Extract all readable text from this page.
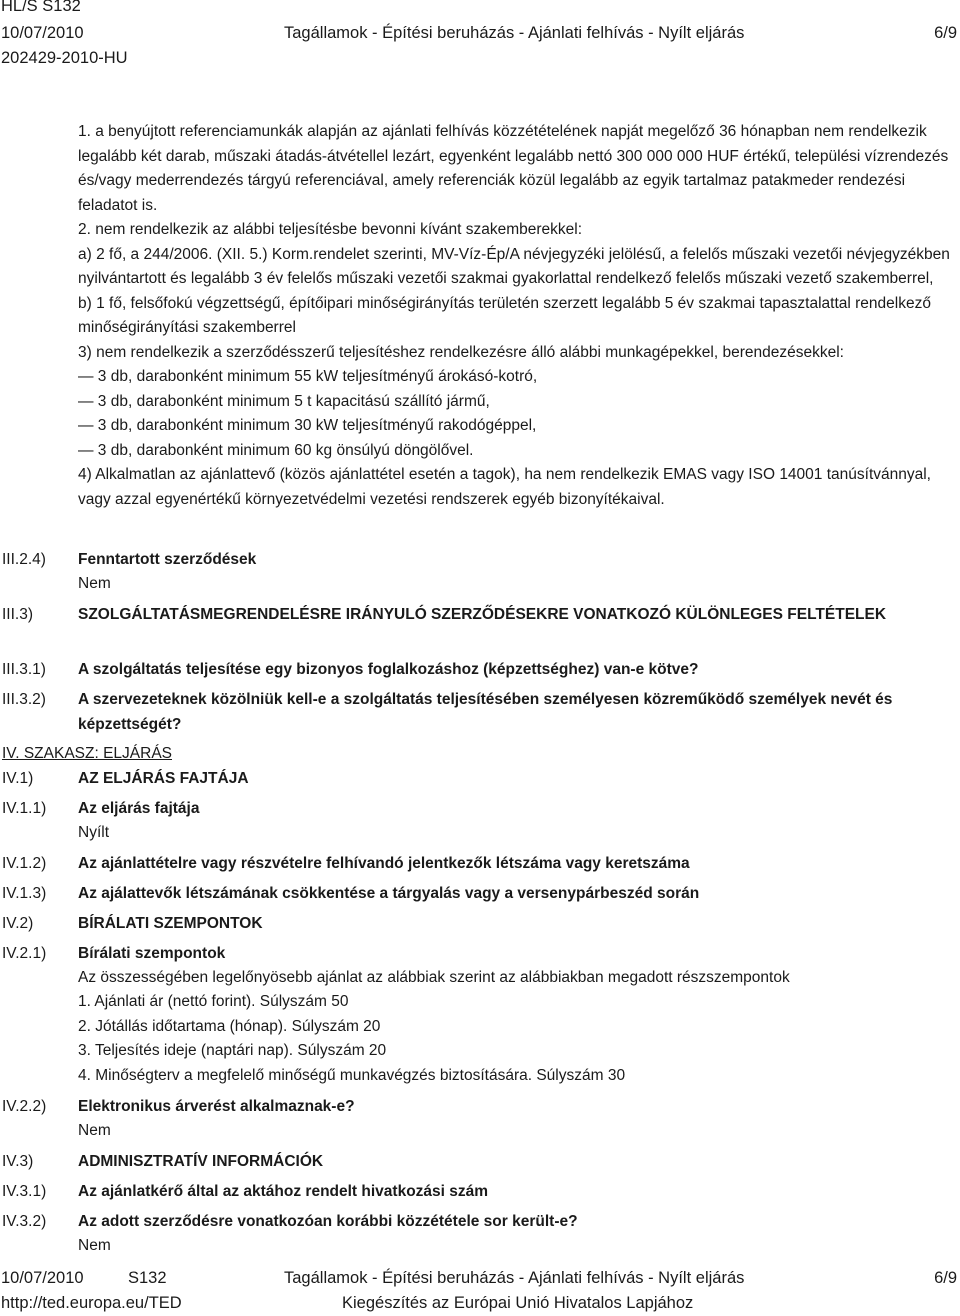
HL/S S132
10/07/2010
202429-2010-HU
Tagállamok - Építési beruházás - Ajánlati felhívás - Nyílt eljárás	6/9

1. a benyújtott referenciamunkák alapján az ajánlati felhívás közzétételének napját megelőző 36 hónapban nem rendelkezik legalább két darab, műszaki átadás-átvétellel lezárt, egyenként legalább nettó 300 000 000 HUF értékű, települési vízrendezés és/vagy mederrendezés tárgyú referenciával, amely referenciák közül legalább az egyik tartalmaz patakmeder rendezési feladatot is.

2. nem rendelkezik az alábbi teljesítésbe bevonni kívánt szakemberekkel:

a) 2 fő, a 244/2006. (XII. 5.) Korm.rendelet szerinti, MV-Víz-Ép/A névjegyzéki jelölésű, a felelős műszaki vezetői névjegyzékben nyilvántartott és legalább 3 év felelős műszaki vezetői szakmai gyakorlattal rendelkező felelős műszaki vezető szakemberrel,

b) 1 fő, felsőfokú végzettségű, építőipari minőségirányítás területén szerzett legalább 5 év szakmai tapasztalattal rendelkező minőségirányítási szakemberrel

3) nem rendelkezik a szerződésszerű teljesítéshez rendelkezésre álló alábbi munkagépekkel, berendezésekkel:

— 3 db, darabonként minimum 55 kW teljesítményű árokásó-kotró,

— 3 db, darabonként minimum 5 t kapacitású szállító jármű,

— 3 db, darabonként minimum 30 kW teljesítményű rakodógéppel,

— 3 db, darabonként minimum 60 kg önsúlyú döngölővel.

4) Alkalmatlan az ajánlattevő (közös ajánlattétel esetén a tagok), ha nem rendelkezik EMAS vagy ISO 14001 tanúsítvánnyal, vagy azzal egyenértékű környezetvédelmi vezetési rendszerek egyéb bizonyítékaival.

III.2.4) Fenntartott szerződések
Nem
III.3)	SZOLGÁLTATÁSMEGRENDELÉSRE IRÁNYULÓ SZERZŐDÉSEKRE VONATKOZÓ KÜLÖNLEGES FELTÉTELEK
III.3.1) A szolgáltatás teljesítése egy bizonyos foglalkozáshoz (képzettséghez) van-e kötve?
III.3.2) A szervezeteknek közölniük kell-e a szolgáltatás teljesítésében személyesen közreműködő személyek nevét és képzettségét?
IV. SZAKASZ: ELJÁRÁS
IV.1)	AZ ELJÁRÁS FAJTÁJA
IV.1.1) Az eljárás fajtája
Nyílt
IV.1.2) Az ajánlattételre vagy részvételre felhívandó jelentkezők létszáma vagy keretszáma
IV.1.3) Az ajálattevők létszámának csökkentése a tárgyalás vagy a versenypárbeszéd során
IV.2)	BÍRÁLATI SZEMPONTOK
IV.2.1) Bírálati szempontok
Az összességében legelőnyösebb ajánlat az alábbiak szerint az alábbiakban megadott részszempontok
1. Ajánlati ár (nettó forint). Súlyszám 50
2. Jótállás időtartama (hónap). Súlyszám 20
3. Teljesítés ideje (naptári nap). Súlyszám 20
4. Minőségterv a megfelelő minőségű munkavégzés biztosítására. Súlyszám 30
IV.2.2) Elektronikus árverést alkalmaznak-e?
Nem
IV.3)	ADMINISZTRATÍV INFORMÁCIÓK
IV.3.1) Az ajánlatkérő által az aktához rendelt hivatkozási szám
IV.3.2) Az adott szerződésre vonatkozóan korábbi közzététele sor került-e?
Nem
10/07/2010	S132	Tagállamok - Építési beruházás - Ajánlati felhívás - Nyílt eljárás	6/9
http://ted.europa.eu/TED	Kiegészítés az Európai Unió Hivatalos Lapjához
